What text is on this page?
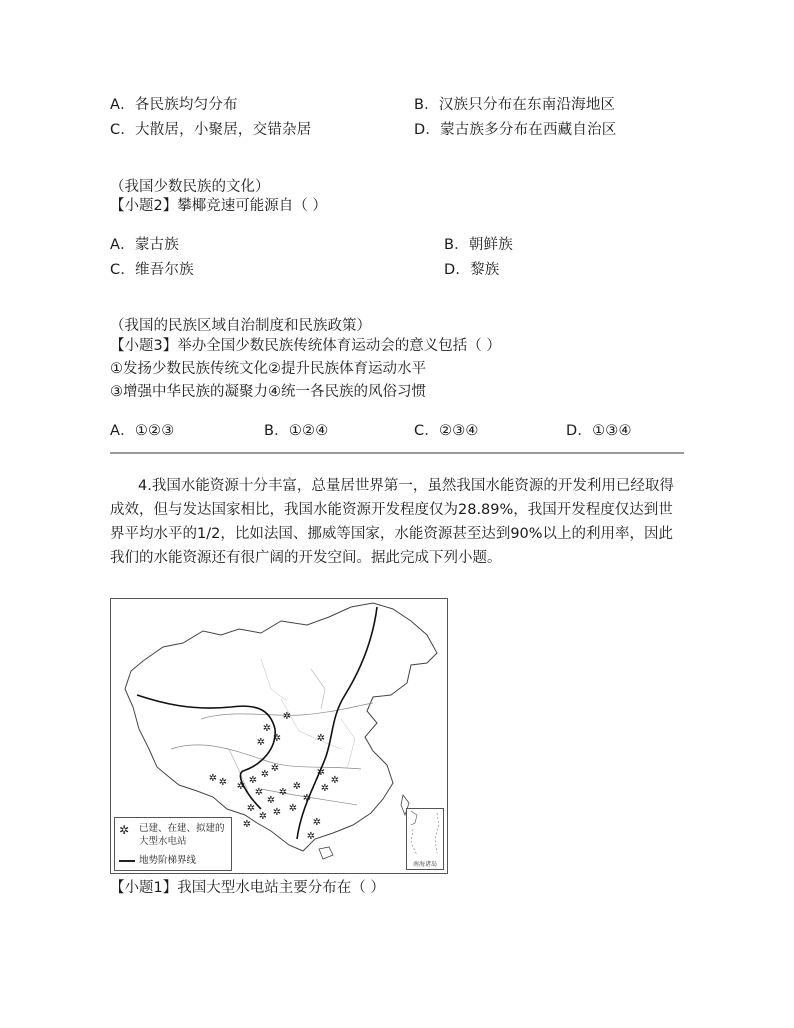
A．各民族均匀分布	B．汉族只分布在东南沿海地区
C．大散居，小聚居，交错杂居	D．蒙古族多分布在西藏自治区
（我国少数民族的文化）
【小题2】攀椰竞速可能源自（ ）
A．蒙古族	B．朝鲜族
C．维吾尔族	D．黎族
（我国的民族区域自治制度和民族政策）
【小题3】举办全国少数民族传统体育运动会的意义包括（ ）
①发扬少数民族传统文化②提升民族体育运动水平
③增强中华民族的凝聚力④统一各民族的风俗习惯
A．①②③	B．①②④	C．②③④	D．①③④

4.我国水能资源十分丰富，总量居世界第一，虽然我国水能资源的开发利用已经取得成效，但与发达国家相比，我国水能资源开发程度仅为28.89%，我国开发程度仅达到世界平均水平的1/2，比如法国、挪威等国家，水能资源甚至达到90%以上的利用率，因此我们的水能资源还有很广阔的开发空间。据此完成下列小题。

✲
✲
✲
✲	✲
✲ ✲ ✲
✲
✲
✲
✲
✲
✲
✲
✲
✲
✲
✲
✲
✲ ✲ ✲
✲	✲
✲
✲ 已建、在建、拟建的大型水电站
地势阶梯界线	南海诸岛
【小题1】我国大型水电站主要分布在（ ）
